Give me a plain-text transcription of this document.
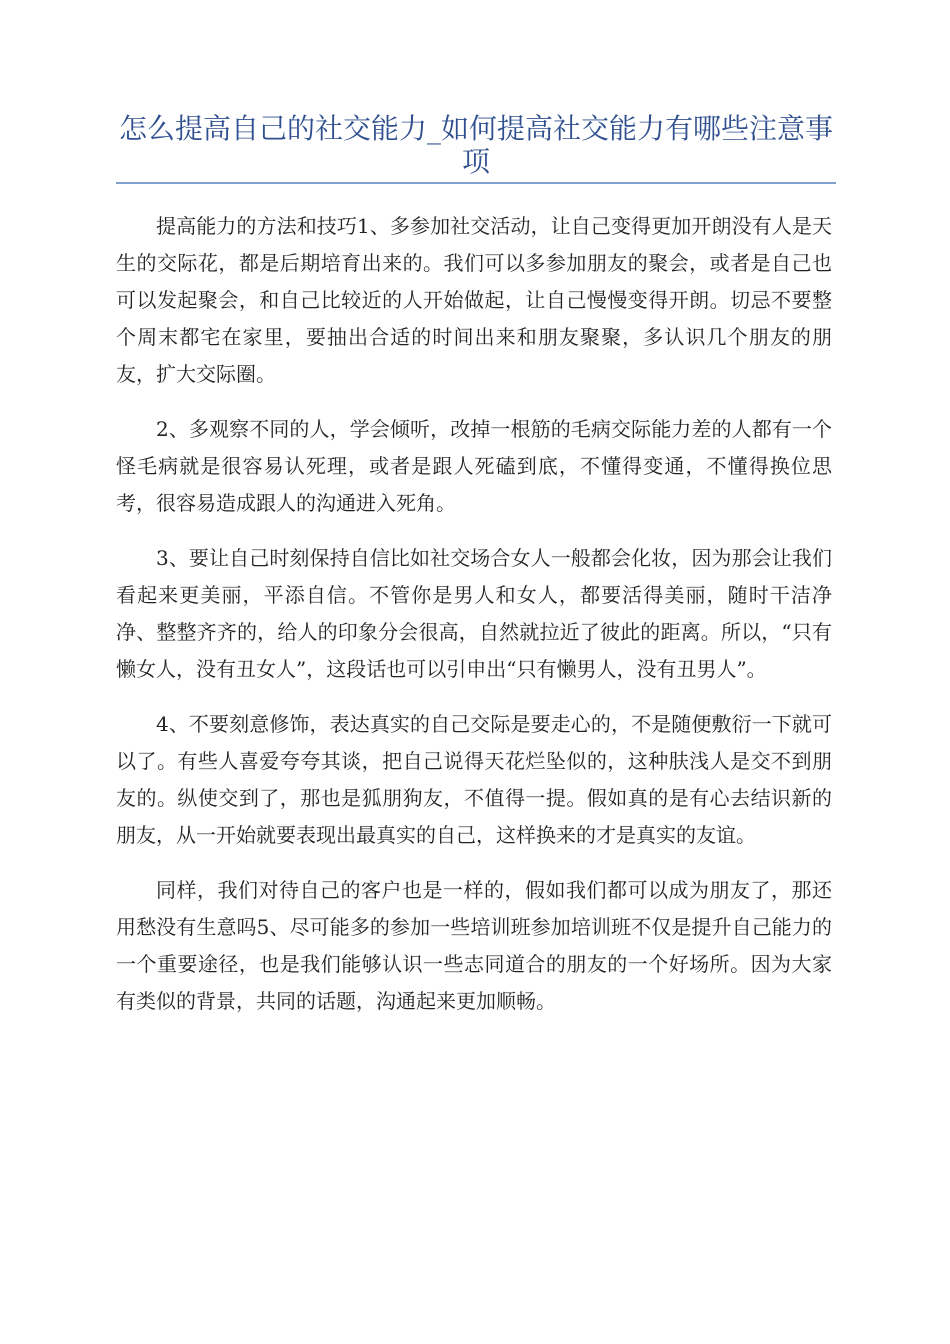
怎么提高自己的社交能力_如何提高社交能力有哪些注意事项

提高能力的方法和技巧1、多参加社交活动，让自己变得更加开朗没有人是天生的交际花，都是后期培育出来的。我们可以多参加朋友的聚会，或者是自己也可以发起聚会，和自己比较近的人开始做起，让自己慢慢变得开朗。切忌不要整个周末都宅在家里，要抽出合适的时间出来和朋友聚聚，多认识几个朋友的朋友，扩大交际圈。

2、多观察不同的人，学会倾听，改掉一根筋的毛病交际能力差的人都有一个怪毛病就是很容易认死理，或者是跟人死磕到底，不懂得变通，不懂得换位思考，很容易造成跟人的沟通进入死角。

3、要让自己时刻保持自信比如社交场合女人一般都会化妆，因为那会让我们看起来更美丽，平添自信。不管你是男人和女人，都要活得美丽，随时干洁净净、整整齐齐的，给人的印象分会很高，自然就拉近了彼此的距离。所以，“只有懒女人，没有丑女人”，这段话也可以引申出“只有懒男人，没有丑男人”。

4、不要刻意修饰，表达真实的自己交际是要走心的，不是随便敷衍一下就可以了。有些人喜爱夸夸其谈，把自己说得天花烂坠似的，这种肤浅人是交不到朋友的。纵使交到了，那也是狐朋狗友，不值得一提。假如真的是有心去结识新的朋友，从一开始就要表现出最真实的自己，这样换来的才是真实的友谊。

同样，我们对待自己的客户也是一样的，假如我们都可以成为朋友了，那还用愁没有生意吗5、尽可能多的参加一些培训班参加培训班不仅是提升自己能力的一个重要途径，也是我们能够认识一些志同道合的朋友的一个好场所。因为大家有类似的背景，共同的话题，沟通起来更加顺畅。
